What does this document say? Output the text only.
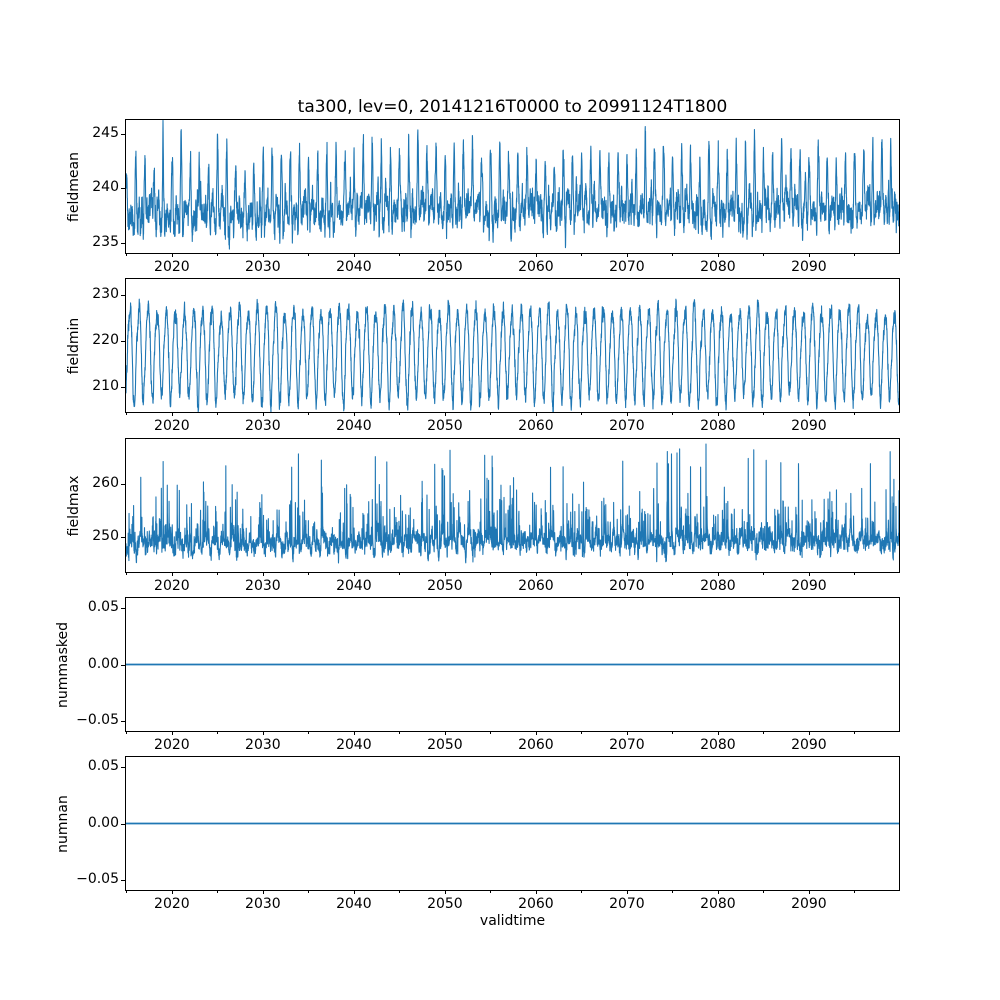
ta300, lev=0, 20141216T0000 to 20991124T1800
validtime
2020	2030	2040	2050	2060	2070	2080	2090
235
240
245
fieldmean
2020	2030	2040	2050	2060	2070	2080	2090
210
220
230
fieldmin
2020	2030	2040	2050	2060	2070	2080	2090
250
260
fieldmax
2020	2030	2040	2050	2060	2070	2080	2090
0.05
0.00
−0.05
nummasked
2020	2030	2040	2050	2060	2070	2080	2090
0.05
0.00
−0.05
numnan
